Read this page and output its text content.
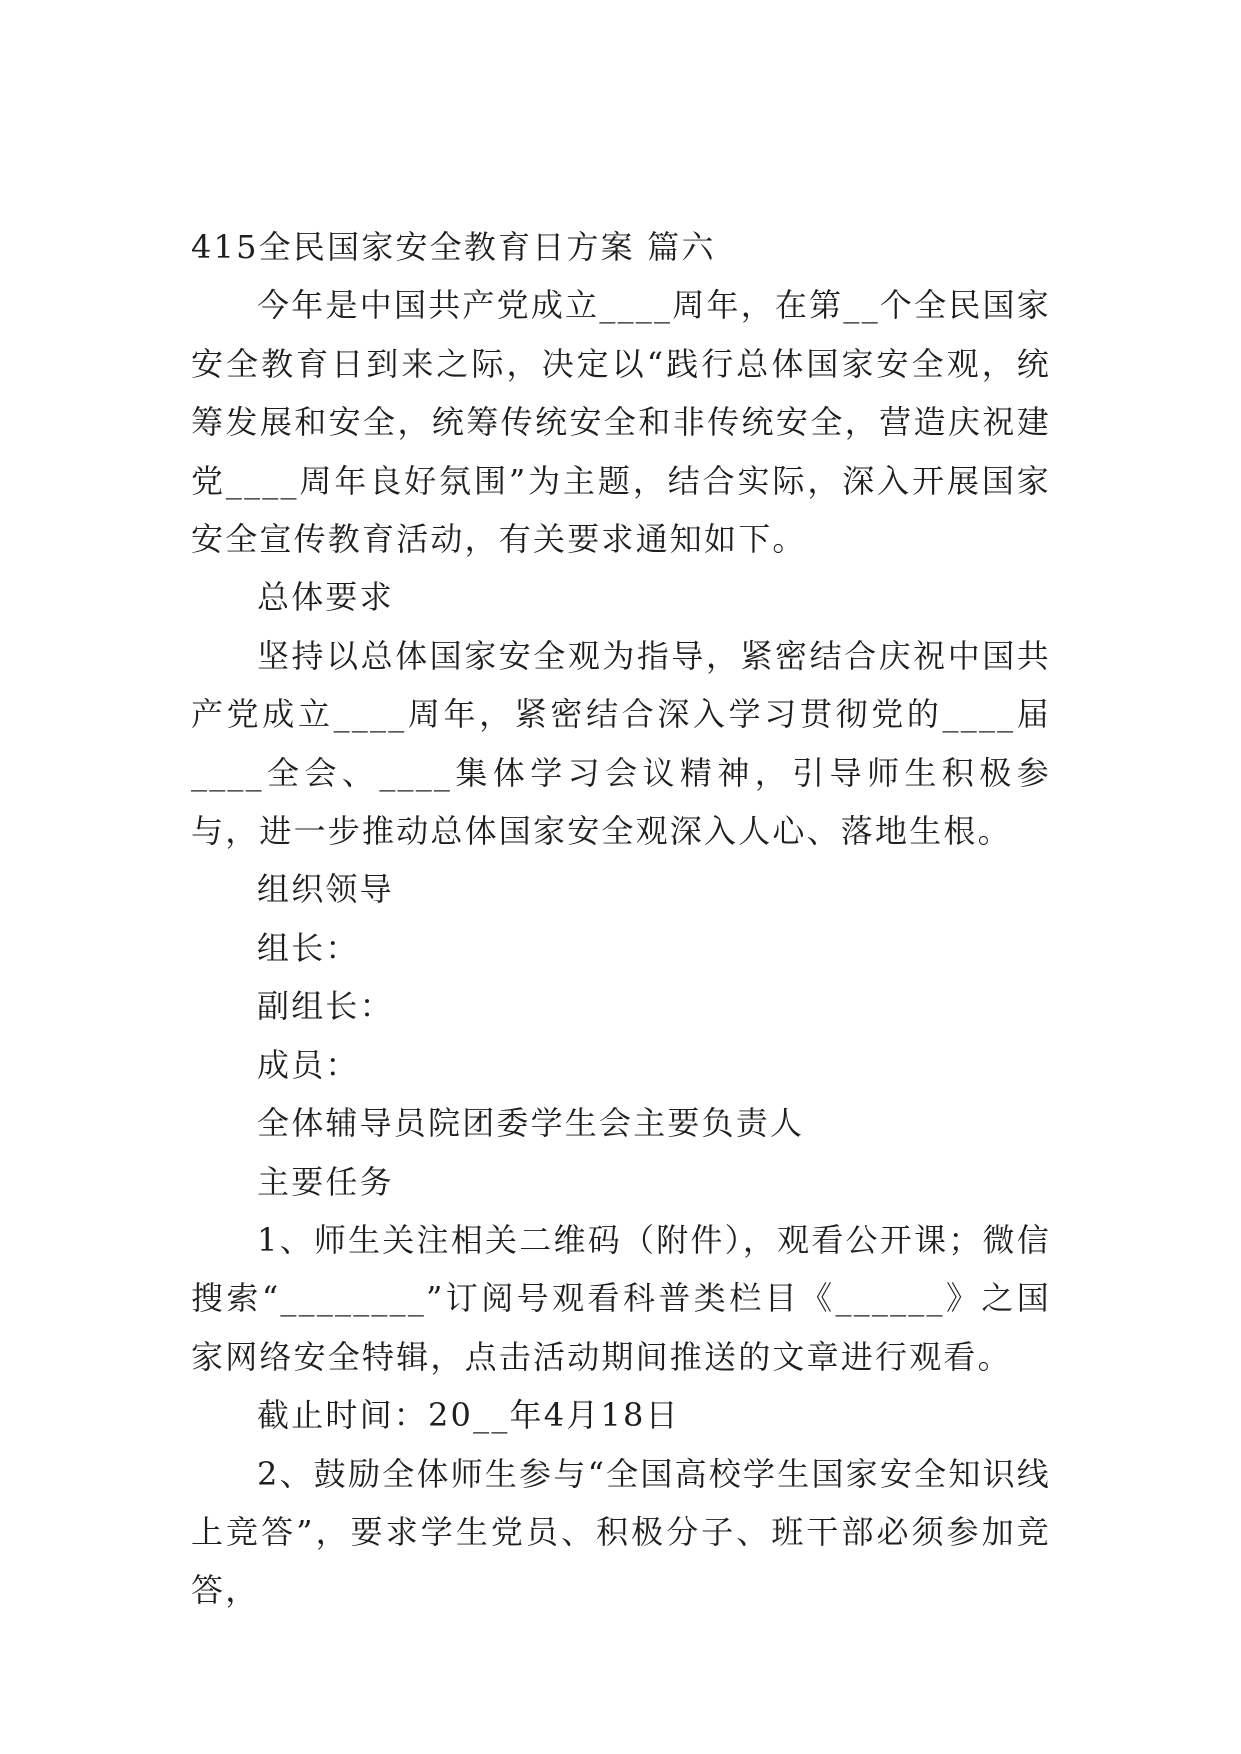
415全民国家安全教育日方案 篇六

今年是中国共产党成立____周年，在第__个全民国家安全教育日到来之际，决定以“践行总体国家安全观，统筹发展和安全，统筹传统安全和非传统安全，营造庆祝建党____周年良好氛围”为主题，结合实际，深入开展国家安全宣传教育活动，有关要求通知如下。

总体要求

坚持以总体国家安全观为指导，紧密结合庆祝中国共产党成立____周年，紧密结合深入学习贯彻党的____届____全会、____集体学习会议精神，引导师生积极参与，进一步推动总体国家安全观深入人心、落地生根。

组织领导

组长：

副组长：

成员：

全体辅导员院团委学生会主要负责人

主要任务

1、师生关注相关二维码（附件），观看公开课；微信搜索“________”订阅号观看科普类栏目《______》之国家网络安全特辑，点击活动期间推送的文章进行观看。

截止时间：20__年4月18日

2、鼓励全体师生参与“全国高校学生国家安全知识线上竞答”，要求学生党员、积极分子、班干部必须参加竞答，
